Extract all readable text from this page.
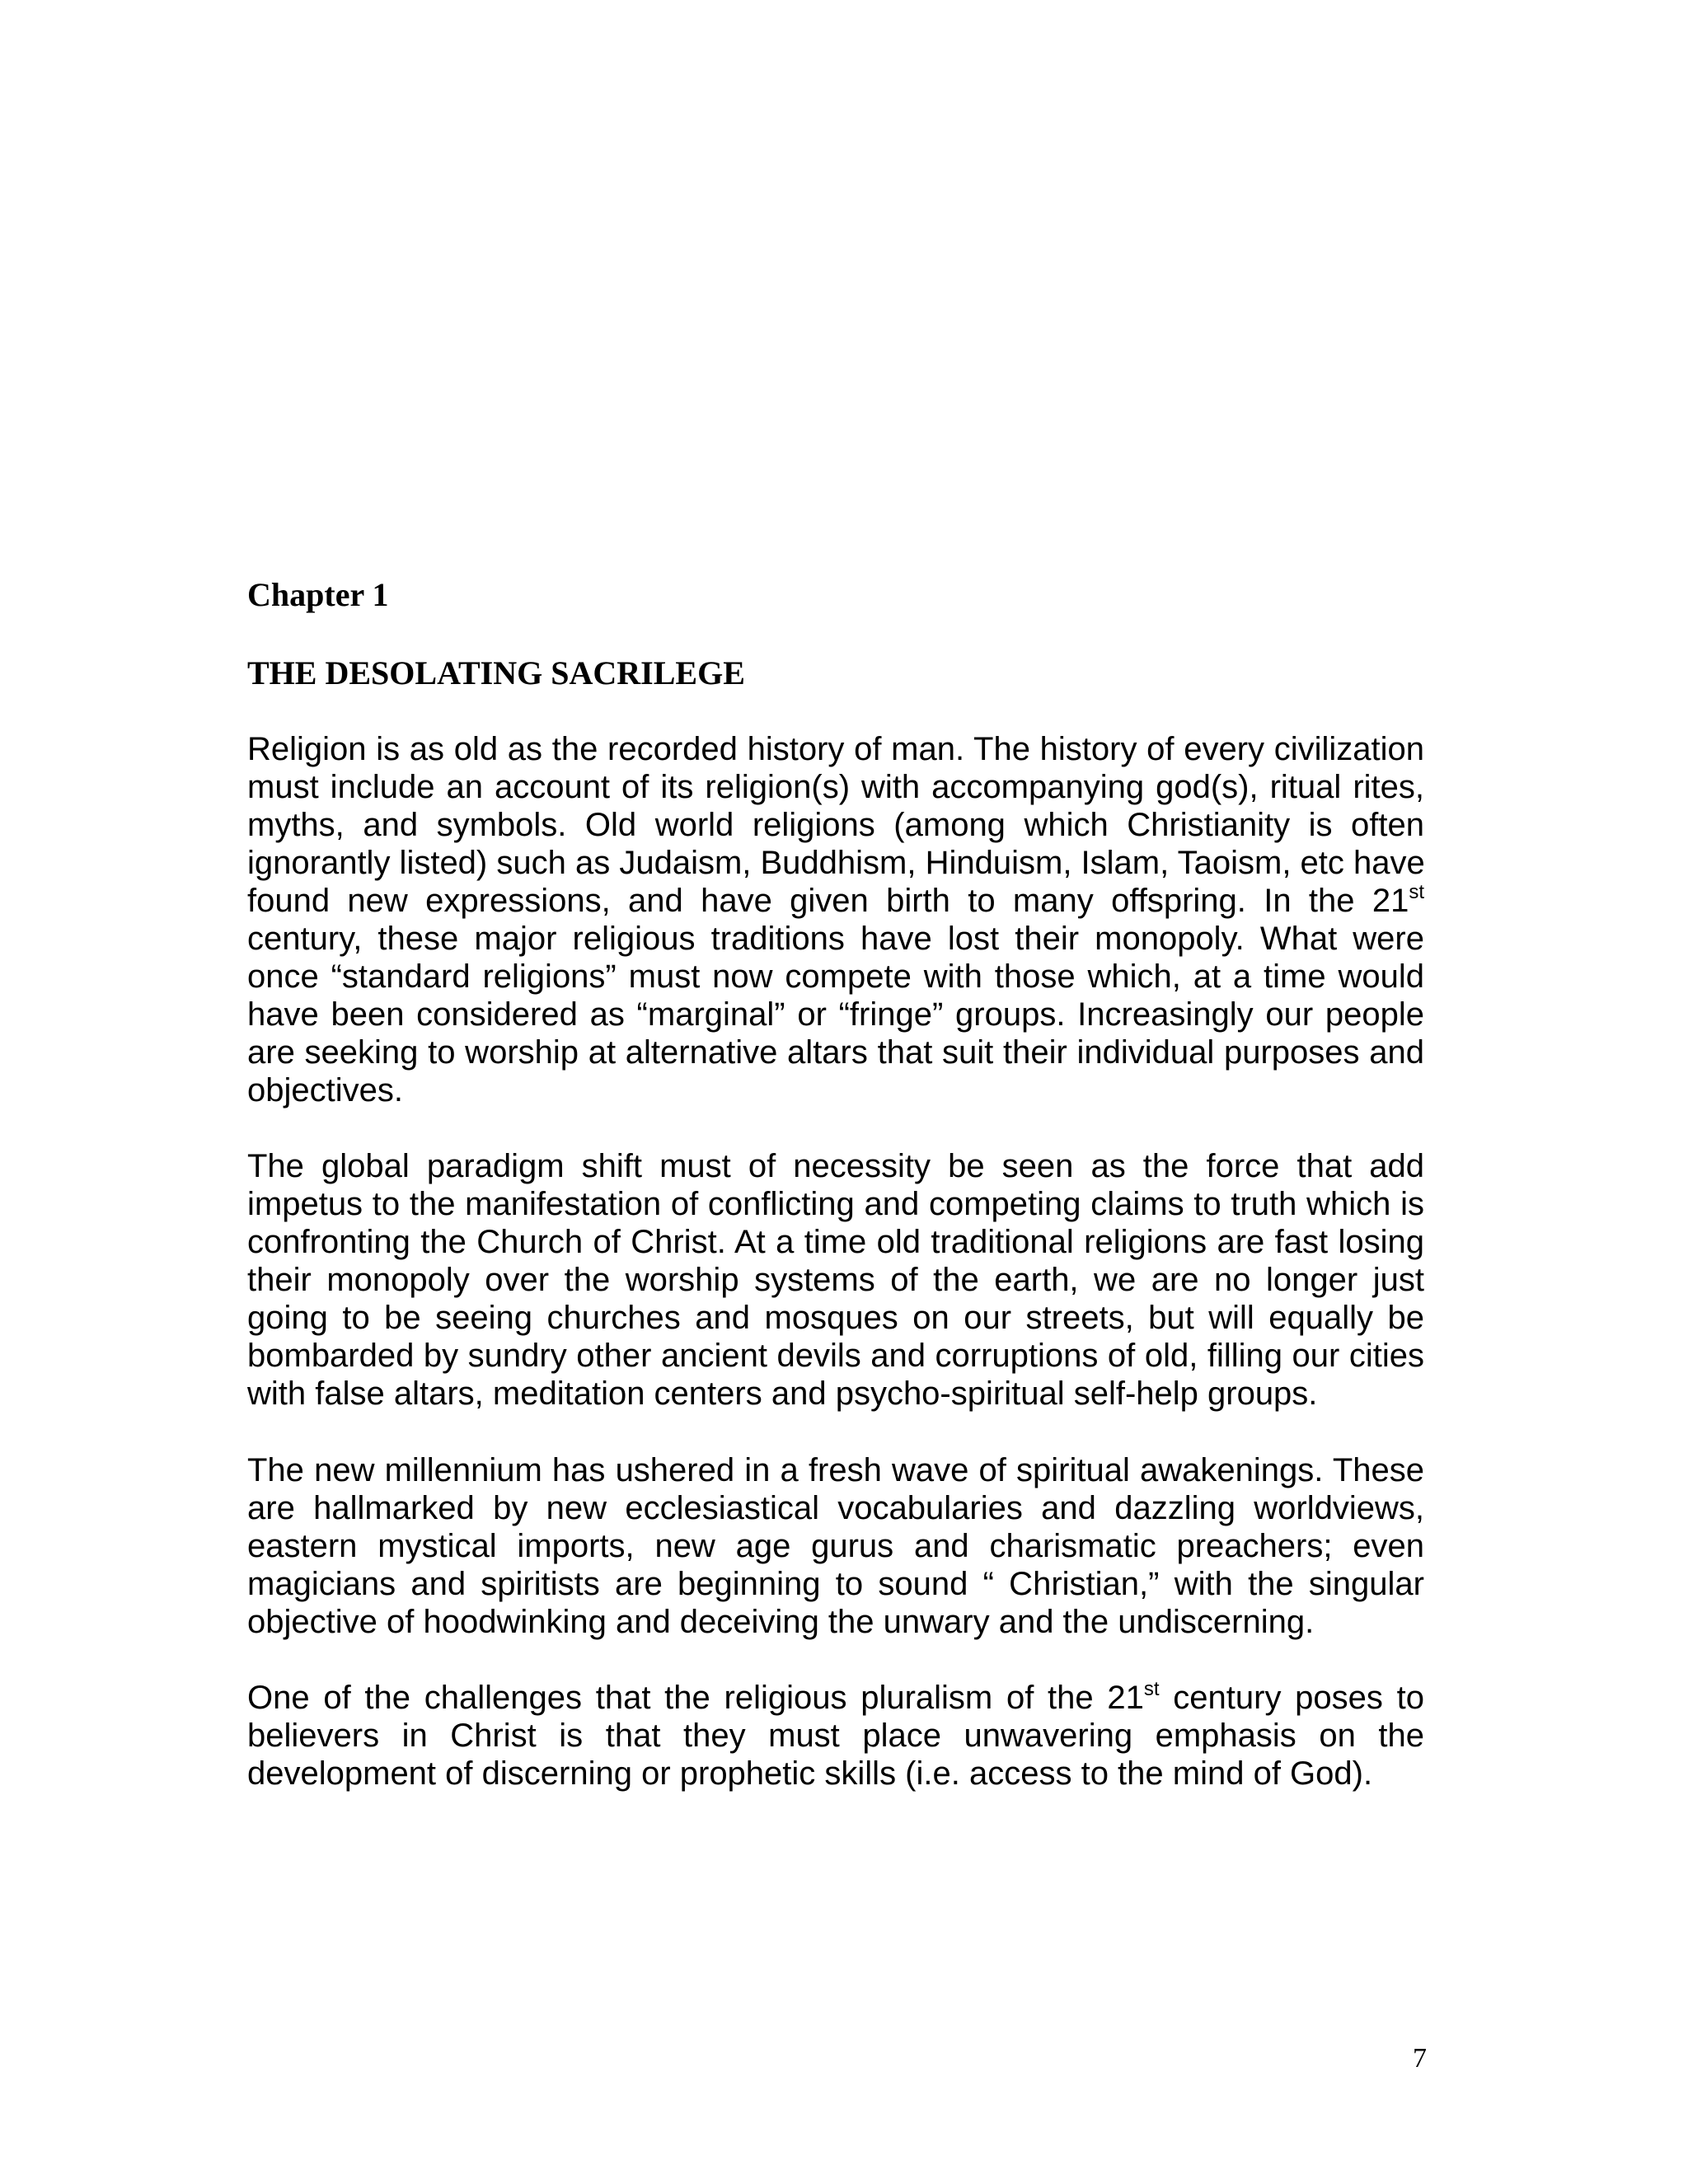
Chapter 1
THE DESOLATING SACRILEGE
Religion is as old as the recorded history of man. The history of every civilization
must include an account of its religion(s) with accompanying god(s), ritual rites,
myths, and symbols. Old world religions (among which Christianity is often
ignorantly listed) such as Judaism, Buddhism, Hinduism, Islam, Taoism, etc have
found new expressions, and have given birth to many offspring. In the 21st
century, these major religious traditions have lost their monopoly. What were
once “standard religions” must now compete with those which, at a time would
have been considered as “marginal” or “fringe” groups. Increasingly our people
are seeking to worship at alternative altars that suit their individual purposes and
objectives.
The global paradigm shift must of necessity be seen as the force that add
impetus to the manifestation of conflicting and competing claims to truth which is
confronting the Church of Christ. At a time old traditional religions are fast losing
their monopoly over the worship systems of the earth, we are no longer just
going to be seeing churches and mosques on our streets, but will equally be
bombarded by sundry other ancient devils and corruptions of old, filling our cities
with false altars, meditation centers and psycho-spiritual self-help groups.
The new millennium has ushered in a fresh wave of spiritual awakenings. These
are hallmarked by new ecclesiastical vocabularies and dazzling worldviews,
eastern mystical imports, new age gurus and charismatic preachers; even
magicians and spiritists are beginning to sound “ Christian,” with the singular
objective of hoodwinking and deceiving the unwary and the undiscerning.
One of the challenges that the religious pluralism of the 21st century poses to
believers in Christ is that they must place unwavering emphasis on the
development of discerning or prophetic skills (i.e. access to the mind of God).
7
